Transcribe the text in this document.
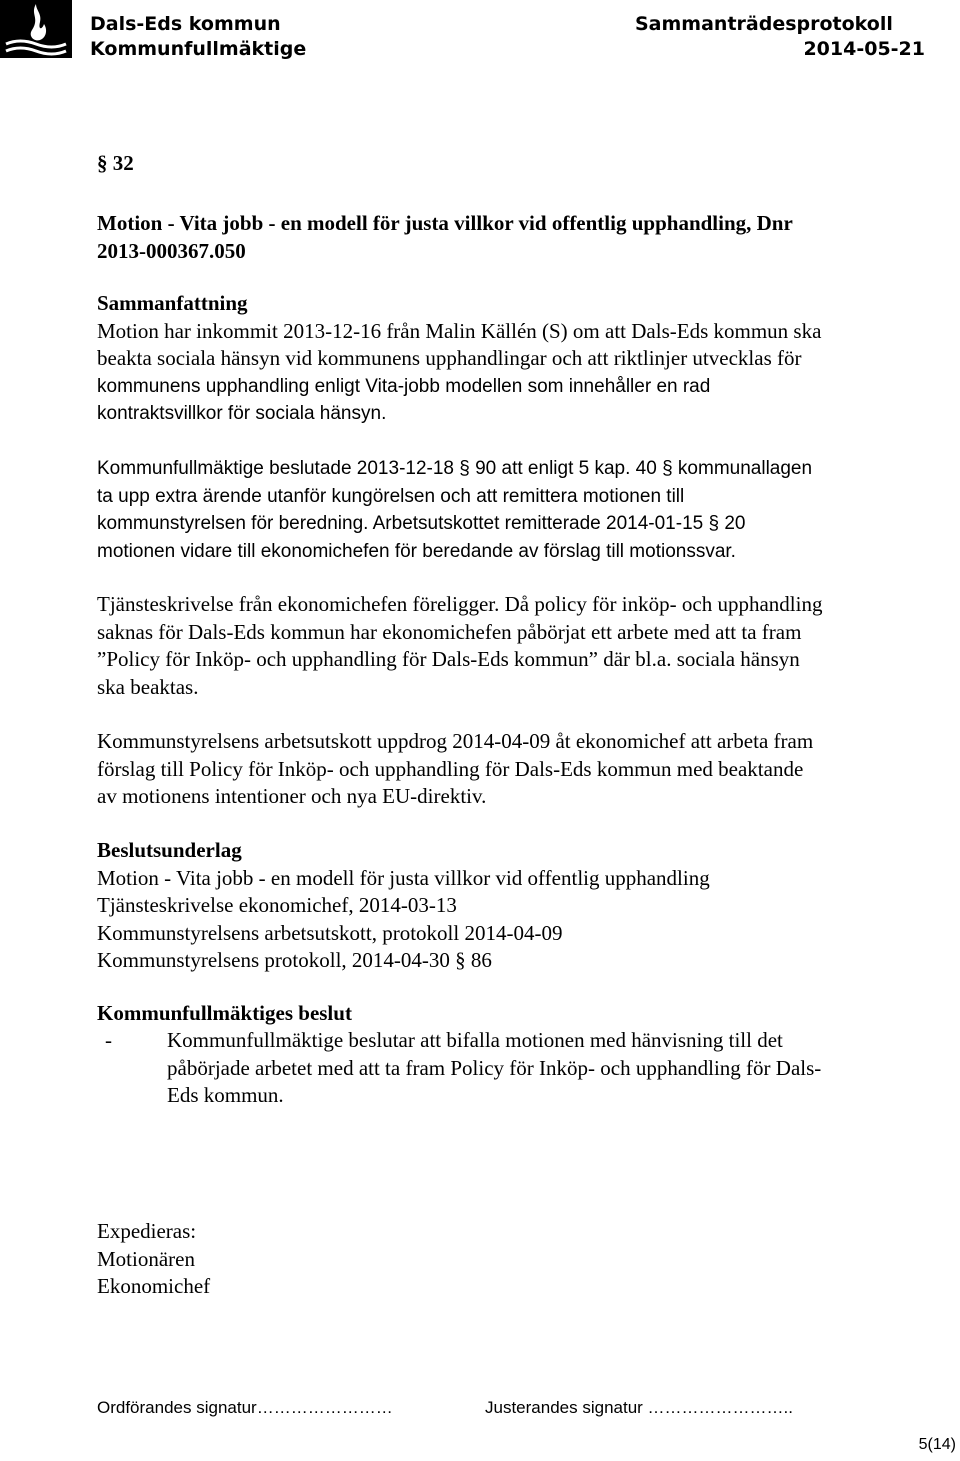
Dals-Eds kommun
Kommunfullmäktige
Sammanträdesprotokoll
2014-05-21
§ 32

Motion - Vita jobb - en modell för justa villkor vid offentlig upphandling, Dnr

2013-000367.050

Sammanfattning

Motion har inkommit 2013-12-16 från Malin Källén (S) om att Dals-Eds kommun ska

beakta sociala hänsyn vid kommunens upphandlingar och att riktlinjer utvecklas för

kommunens upphandling enligt Vita-jobb modellen som innehåller en rad

kontraktsvillkor för sociala hänsyn.

Kommunfullmäktige beslutade 2013-12-18 § 90 att enligt 5 kap. 40 § kommunallagen

ta upp extra ärende utanför kungörelsen och att remittera motionen till

kommunstyrelsen för beredning. Arbetsutskottet remitterade 2014-01-15 § 20

motionen vidare till ekonomichefen för beredande av förslag till motionssvar.

Tjänsteskrivelse från ekonomichefen föreligger. Då policy för inköp- och upphandling

saknas för Dals-Eds kommun har ekonomichefen påbörjat ett arbete med att ta fram

”Policy för Inköp- och upphandling för Dals-Eds kommun” där bl.a. sociala hänsyn

ska beaktas.

Kommunstyrelsens arbetsutskott uppdrog 2014-04-09 åt ekonomichef att arbeta fram

förslag till Policy för Inköp- och upphandling för Dals-Eds kommun med beaktande

av motionens intentioner och nya EU-direktiv.

Beslutsunderlag

Motion - Vita jobb - en modell för justa villkor vid offentlig upphandling

Tjänsteskrivelse ekonomichef, 2014-03-13

Kommunstyrelsens arbetsutskott, protokoll 2014-04-09

Kommunstyrelsens protokoll, 2014-04-30 § 86

Kommunfullmäktiges beslut
-	Kommunfullmäktige beslutar att bifalla motionen med hänvisning till det

påbörjade arbetet med att ta fram Policy för Inköp- och upphandling för Dals-

Eds kommun.

Expedieras:

Motionären

Ekonomichef

Ordförandes signatur……………………	Justerandes signatur ……………………..
5(14)
